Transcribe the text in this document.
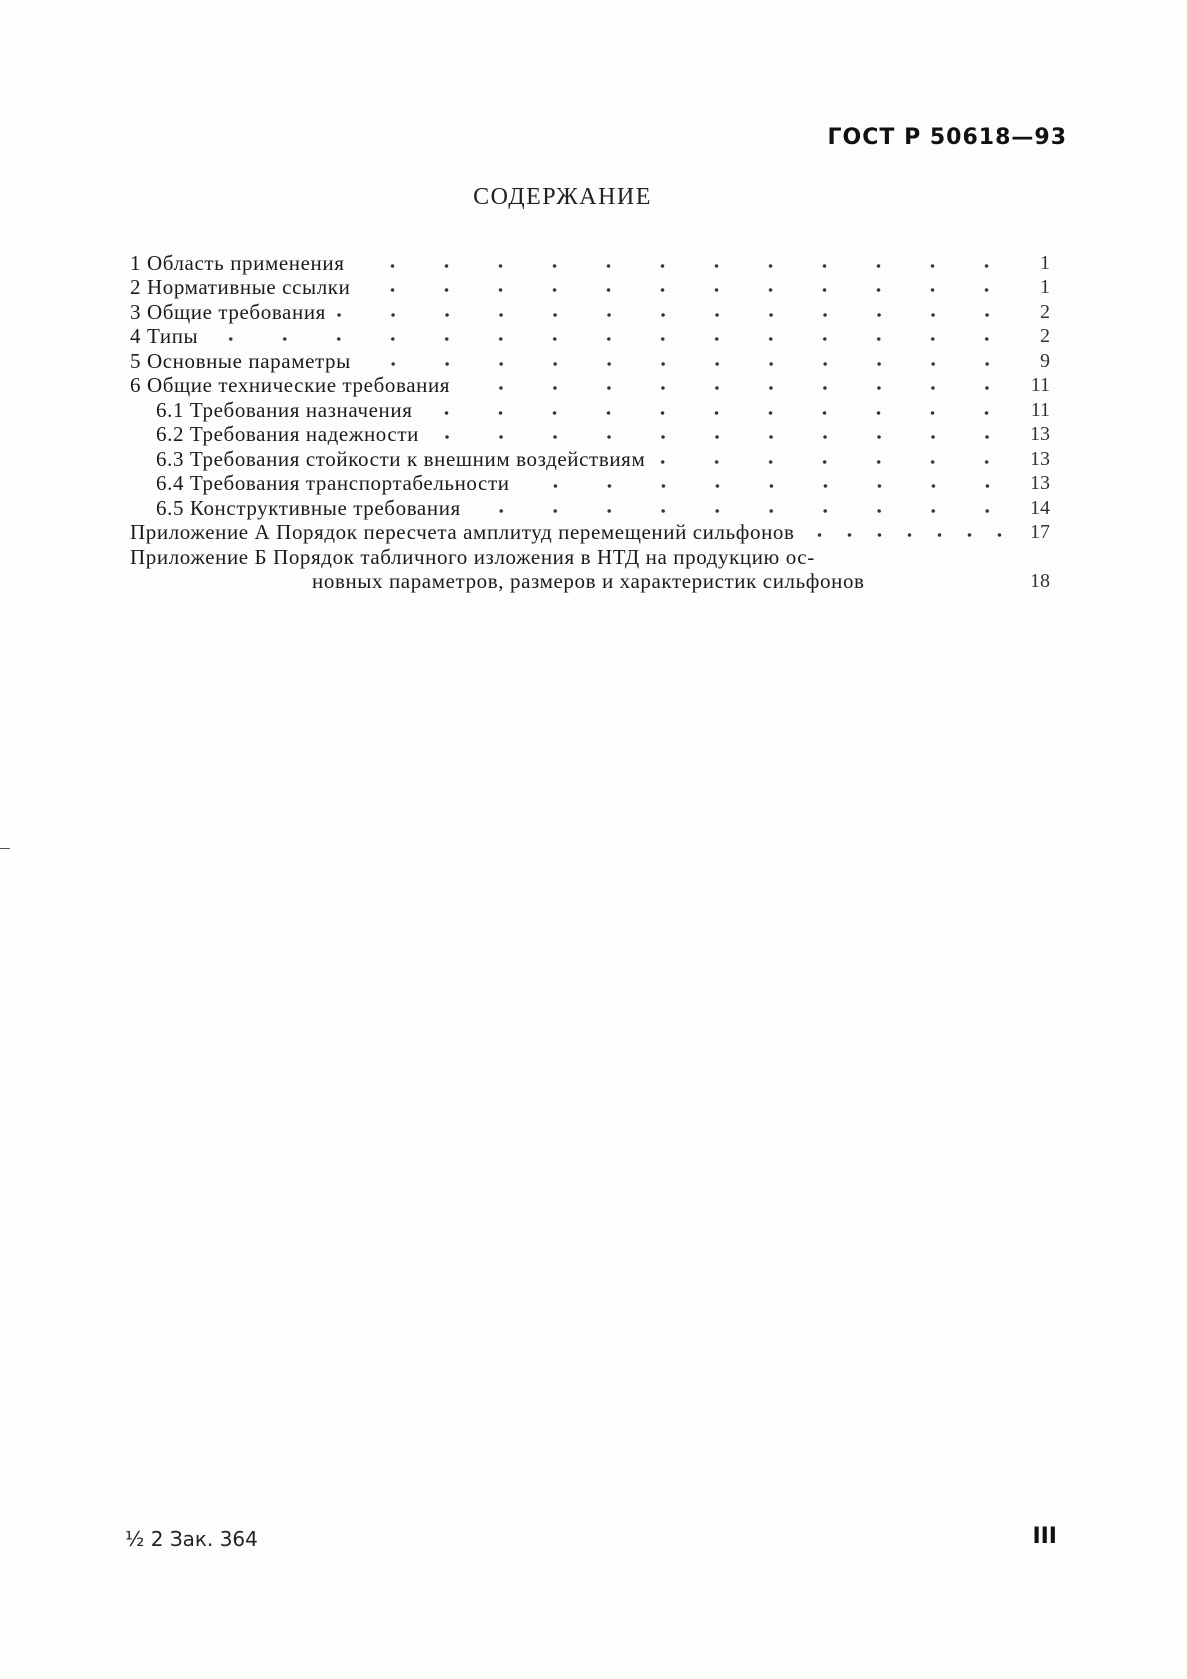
ГОСТ Р 50618—93
СОДЕРЖАНИЕ
1 Область применения	1
2 Нормативные ссылки	1
3 Общие требования	2
4 Типы	2
5 Основные параметры	9
6 Общие технические требования	11
6.1 Требования назначения	11
6.2 Требования надежности	13
6.3 Требования стойкости к внешним воздействиям	13
6.4 Требования транспортабельности	13
6.5 Конструктивные требования	14
Приложение А Порядок пересчета амплитуд перемещений сильфонов	17
Приложение Б Порядок табличного изложения в НТД на продукцию ос-
новных параметров, размеров и характеристик сильфонов	18
½ 2 Зак. 364	III
